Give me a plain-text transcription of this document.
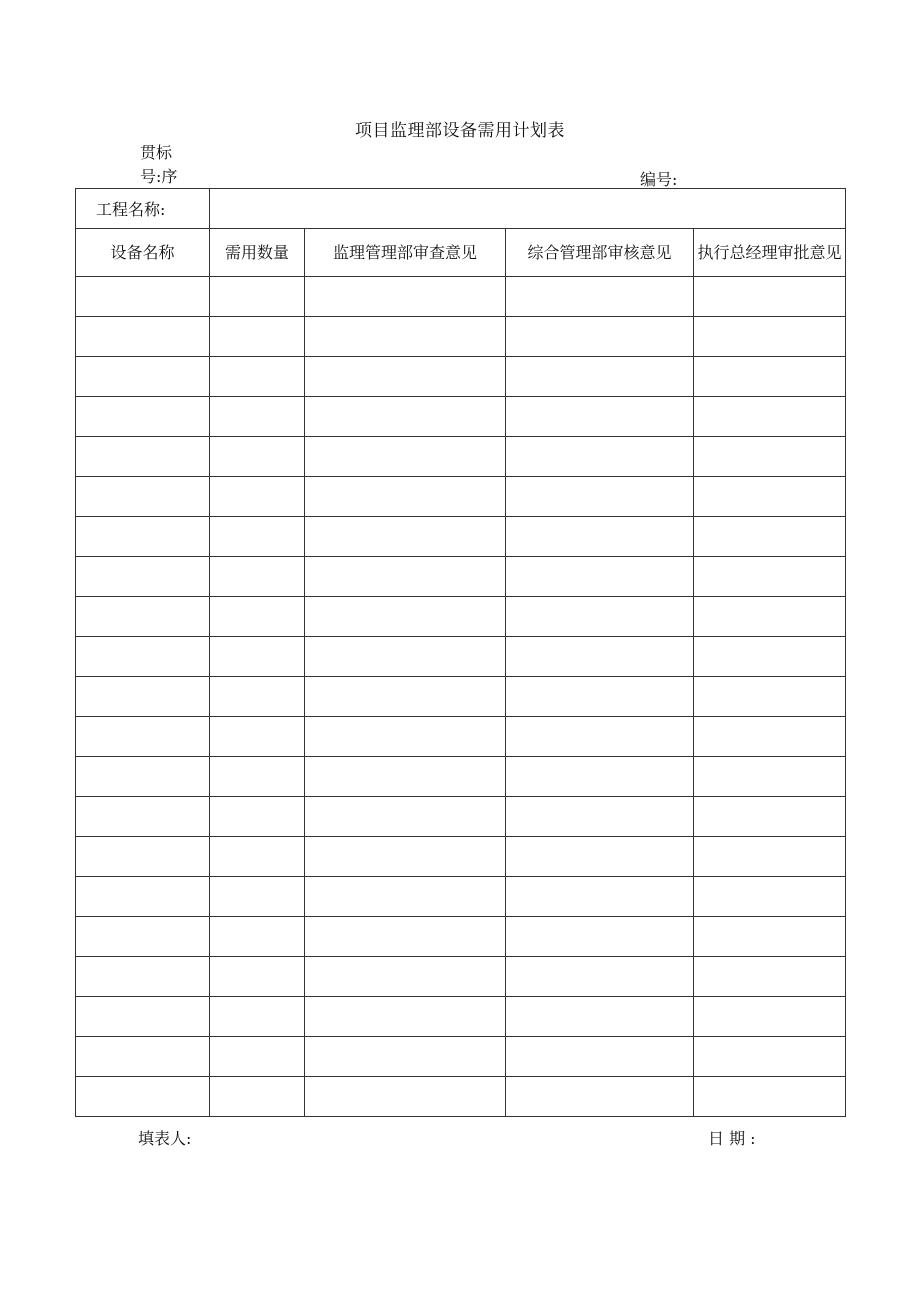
项目监理部设备需用计划表
贯标
号:序	编号:
工程名称:				
设备名称	需用数量	监理管理部审查意见	综合管理部审核意见	执行总经理审批意见

填表人:	日 期 :
